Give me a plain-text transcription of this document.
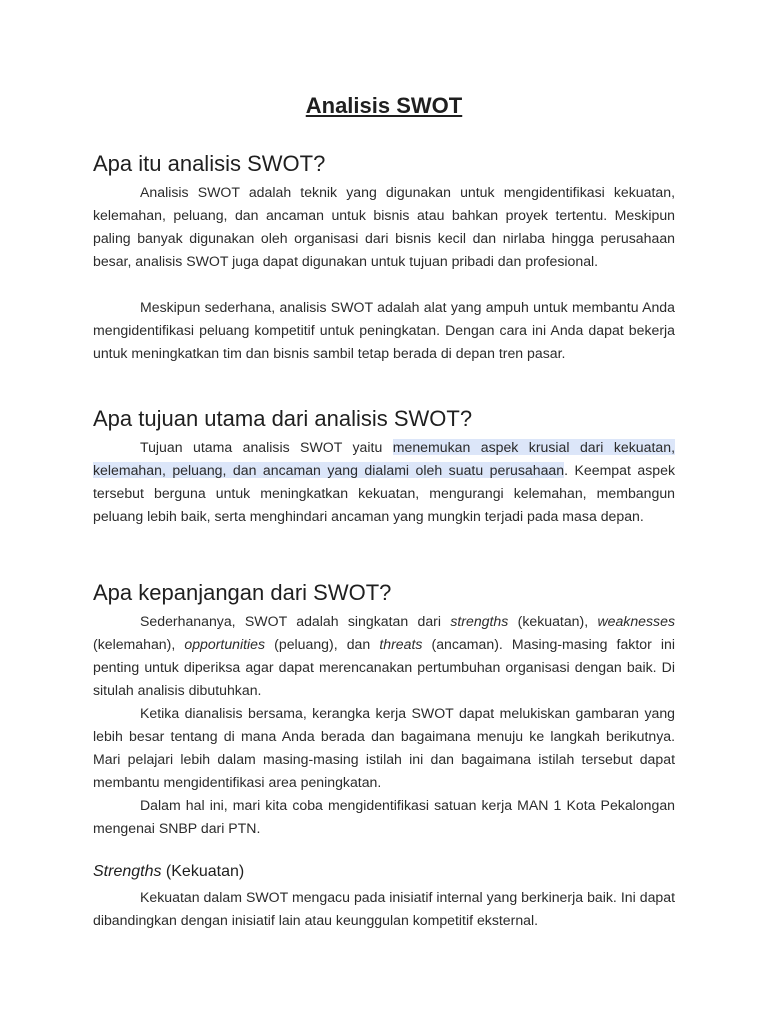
Analisis SWOT
Apa itu analisis SWOT?

Analisis SWOT adalah teknik yang digunakan untuk mengidentifikasi kekuatan, kelemahan, peluang, dan ancaman untuk bisnis atau bahkan proyek tertentu. Meskipun paling banyak digunakan oleh organisasi dari bisnis kecil dan nirlaba hingga perusahaan besar, analisis SWOT juga dapat digunakan untuk tujuan pribadi dan profesional.

Meskipun sederhana, analisis SWOT adalah alat yang ampuh untuk membantu Anda mengidentifikasi peluang kompetitif untuk peningkatan. Dengan cara ini Anda dapat bekerja untuk meningkatkan tim dan bisnis sambil tetap berada di depan tren pasar.

Apa tujuan utama dari analisis SWOT?

Tujuan utama analisis SWOT yaitu menemukan aspek krusial dari kekuatan, kelemahan, peluang, dan ancaman yang dialami oleh suatu perusahaan. Keempat aspek tersebut berguna untuk meningkatkan kekuatan, mengurangi kelemahan, membangun peluang lebih baik, serta menghindari ancaman yang mungkin terjadi pada masa depan.

Apa kepanjangan dari SWOT?

Sederhananya, SWOT adalah singkatan dari strengths (kekuatan), weaknesses (kelemahan), opportunities (peluang), dan threats (ancaman). Masing-masing faktor ini penting untuk diperiksa agar dapat merencanakan pertumbuhan organisasi dengan baik. Di situlah analisis dibutuhkan.

Ketika dianalisis bersama, kerangka kerja SWOT dapat melukiskan gambaran yang lebih besar tentang di mana Anda berada dan bagaimana menuju ke langkah berikutnya. Mari pelajari lebih dalam masing-masing istilah ini dan bagaimana istilah tersebut dapat membantu mengidentifikasi area peningkatan.

Dalam hal ini, mari kita coba mengidentifikasi satuan kerja MAN 1 Kota Pekalongan mengenai SNBP dari PTN.

Strengths (Kekuatan)

Kekuatan dalam SWOT mengacu pada inisiatif internal yang berkinerja baik. Ini dapat dibandingkan dengan inisiatif lain atau keunggulan kompetitif eksternal.
